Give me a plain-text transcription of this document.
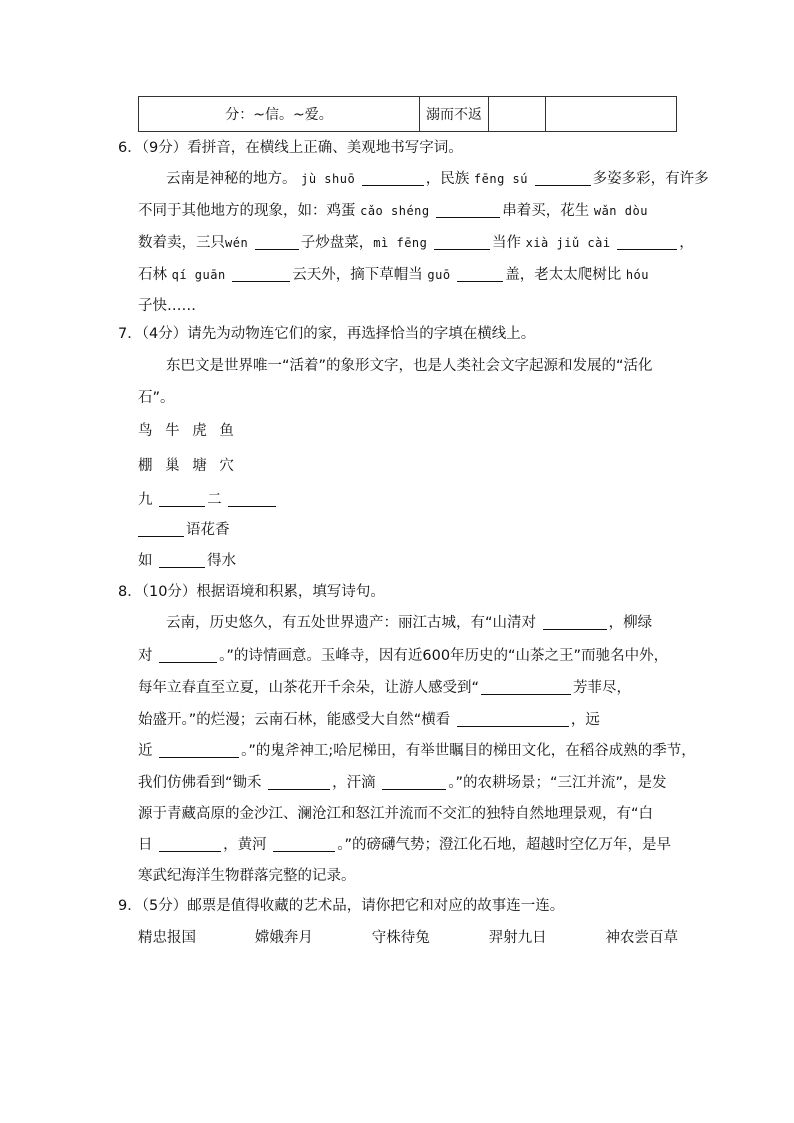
分：~信。~爱。	溺而不返		
6．（9分）看拼音，在横线上正确、美观地书写字词。
云南是神秘的地方。 jù shuō	，民族 fēng sú	多姿多彩，有许多
不同于其他地方的现象，如：鸡蛋 cǎo shéng	串着买，花生 wǎn dòu
数着卖，三只wén	子炒盘菜，mì fēng	当作 xià jiǔ cài	，
石林 qí guān	云天外，摘下草帽当 guō	盖，老太太爬树比 hóu
子快……
7．（4分）请先为动物连它们的家，再选择恰当的字填在横线上。
东巴文是世界唯一“活着”的象形文字，也是人类社会文字起源和发展的“活化
石”。
鸟 牛 虎 鱼
棚 巢 塘 穴
九	二
语花香
如	得水
8．（10分）根据语境和积累，填写诗句。
云南，历史悠久，有五处世界遗产：丽江古城，有“山清对	，柳绿
对	。”的诗情画意。玉峰寺，因有近600年历史的“山茶之王”而驰名中外，
每年立春直至立夏，山茶花开千余朵，让游人感受到“	芳菲尽，
始盛开。”的烂漫；云南石林，能感受大自然“横看	，远
近	。”的鬼斧神工;哈尼梯田，有举世瞩目的梯田文化，在稻谷成熟的季节，
我们仿佛看到“锄禾	，汗滴	。”的农耕场景；“三江并流”，是发
源于青藏高原的金沙江、澜沧江和怒江并流而不交汇的独特自然地理景观，有“白
日	，黄河	。”的磅礴气势；澄江化石地，超越时空亿万年，是早
寒武纪海洋生物群落完整的记录。
9．（5分）邮票是值得收藏的艺术品，请你把它和对应的故事连一连。
精忠报国	嫦娥奔月	守株待兔	羿射九日	神农尝百草
